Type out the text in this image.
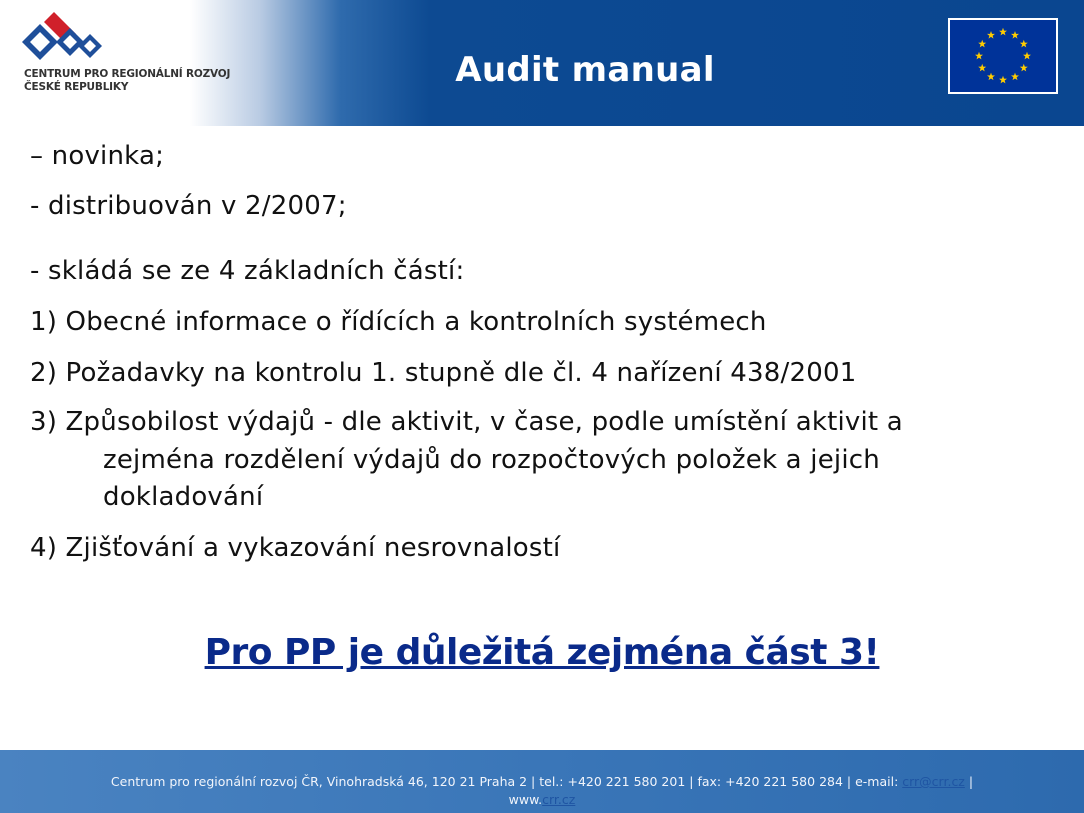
CENTRUM PRO REGIONÁLNÍ ROZVOJ
ČESKÉ REPUBLIKY	Audit manual
– novinka;
- distribuován v 2/2007;
- skládá se ze 4 základních částí:
1) Obecné informace o řídících a kontrolních systémech
2) Požadavky na kontrolu 1. stupně dle čl. 4 nařízení 438/2001
3) Způsobilost výdajů - dle aktivit, v čase, podle umístění aktivit a
zejména rozdělení výdajů do rozpočtových položek a jejich
dokladování
4) Zjišťování a vykazování nesrovnalostí
Pro PP je důležitá zejména část 3!
Centrum pro regionální rozvoj ČR, Vinohradská 46, 120 21 Praha 2 | tel.: +420 221 580 201 | fax: +420 221 580 284 | e-mail: crr@crr.cz |
www.crr.cz
